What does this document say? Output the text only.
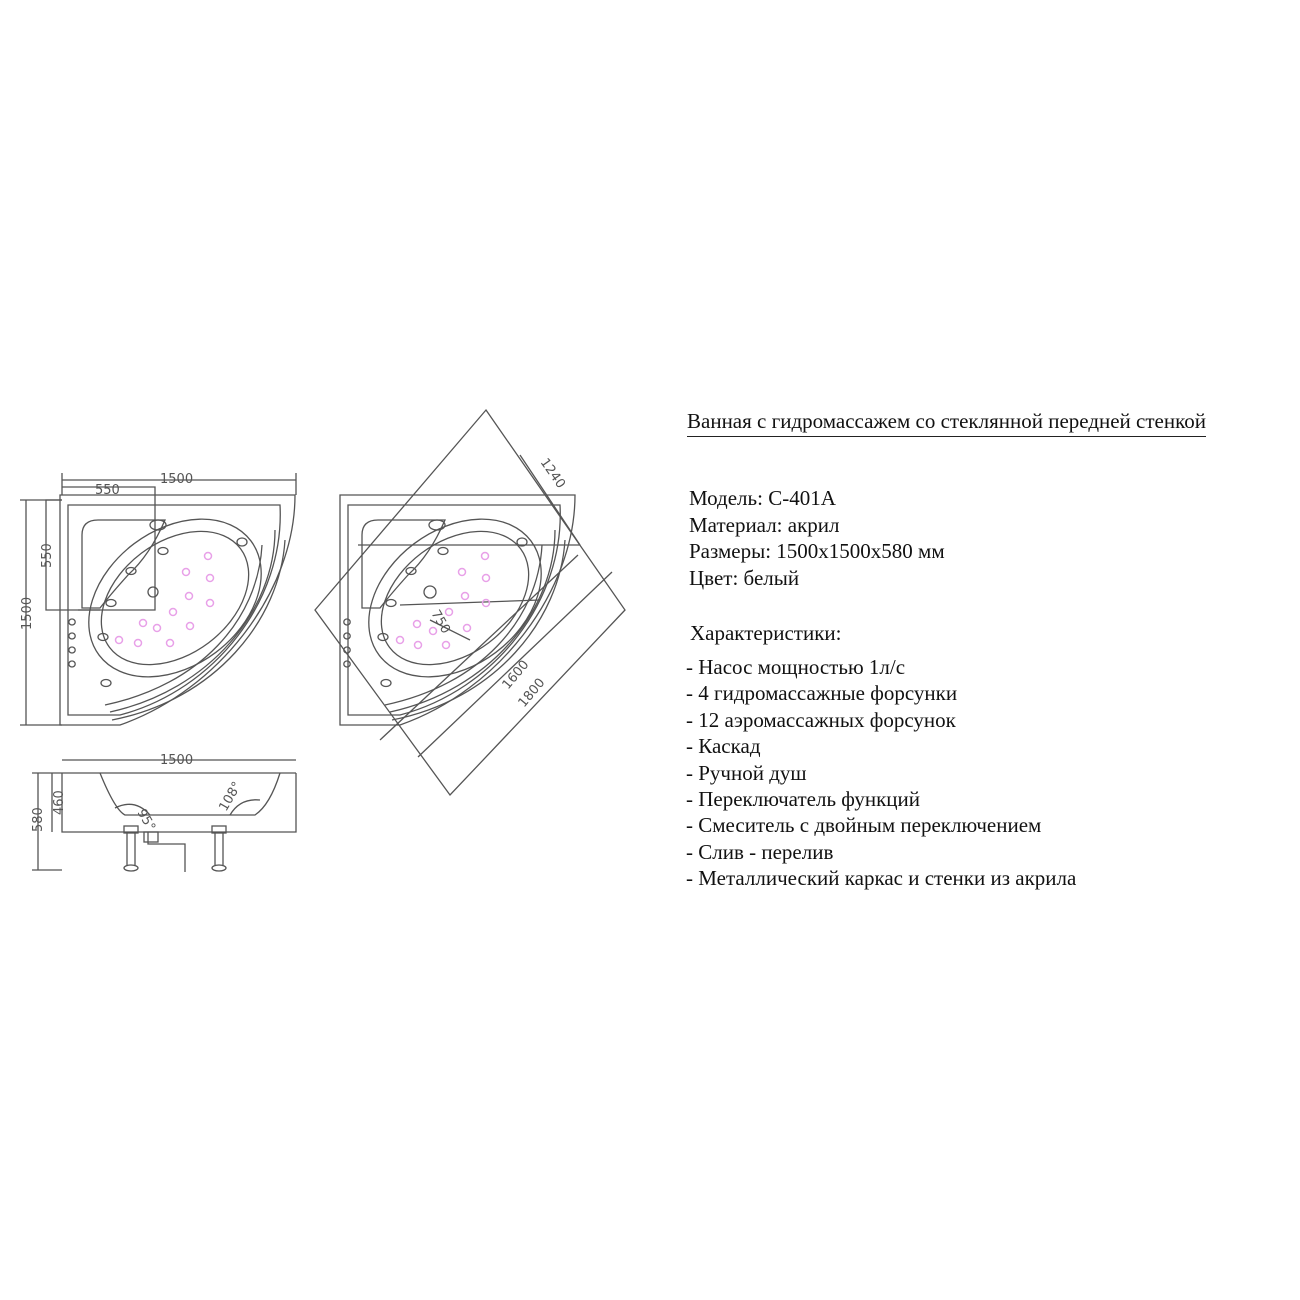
1500
550
550
1500
1240
750
1600
1800
1500
580
460
95°
108°
Ванная с гидромассажем со стеклянной передней стенкой
Модель: С-401А
Материал: акрил
Размеры: 1500х1500х580 мм
Цвет: белый
Характеристики:
- Насос мощностью 1л/с
- 4 гидромассажные форсунки
- 12 аэромассажных форсунок
- Каскад
- Ручной душ
- Переключатель функций
- Смеситель с двойным переключением
- Слив - перелив
- Металлический каркас и стенки из акрила
